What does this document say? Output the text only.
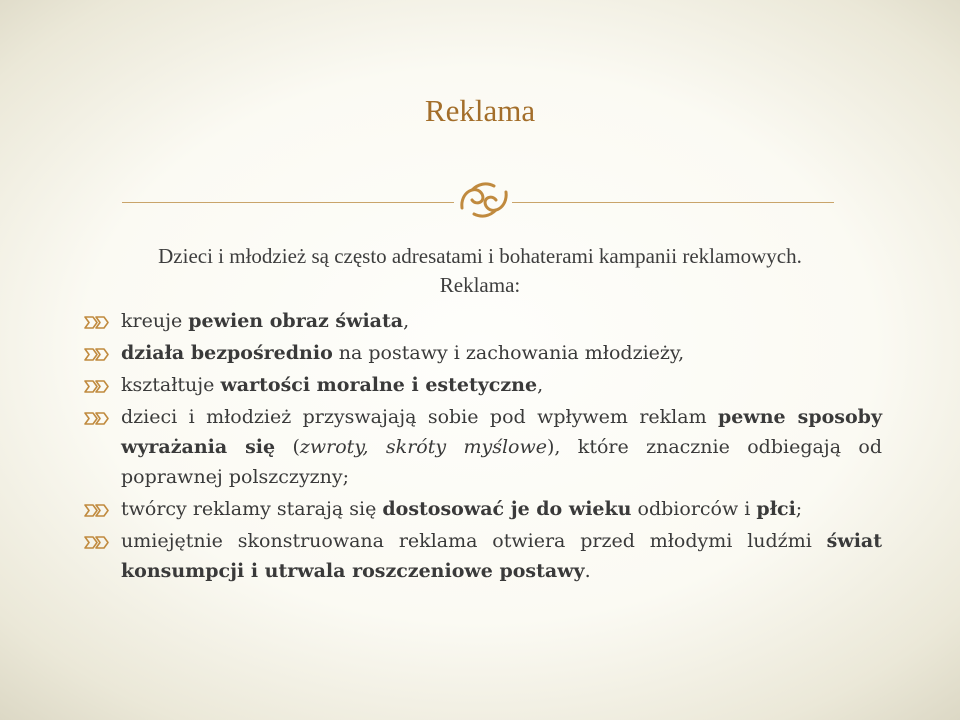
Reklama
Dzieci i młodzież są często adresatami i bohaterami kampanii reklamowych. Reklama:
kreuje pewien obraz świata,
działa bezpośrednio na postawy i zachowania młodzieży,
kształtuje wartości moralne i estetyczne,
dzieci i młodzież przyswajają sobie pod wpływem reklam pewne sposoby wyrażania się (zwroty, skróty myślowe), które znacznie odbiegają od poprawnej polszczyzny;
twórcy reklamy starają się dostosować je do wieku odbiorców i płci;
umiejętnie skonstruowana reklama otwiera przed młodymi ludźmi świat konsumpcji i utrwala roszczeniowe postawy.
